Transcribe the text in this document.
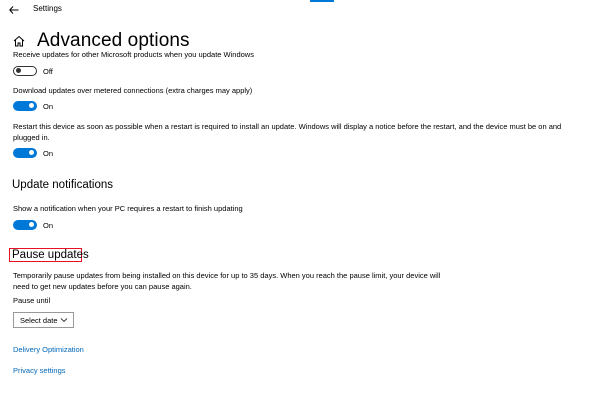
Settings
Advanced options
Receive updates for other Microsoft products when you update Windows
Off
Download updates over metered connections (extra charges may apply)
On
Restart this device as soon as possible when a restart is required to install an update. Windows will display a notice before the restart, and the device must be on and
plugged in.
On
Update notifications
Show a notification when your PC requires a restart to finish updating
On
Pause updates
Temporarily pause updates from being installed on this device for up to 35 days. When you reach the pause limit, your device will
need to get new updates before you can pause again.
Pause until
Select date
Delivery Optimization
Privacy settings
